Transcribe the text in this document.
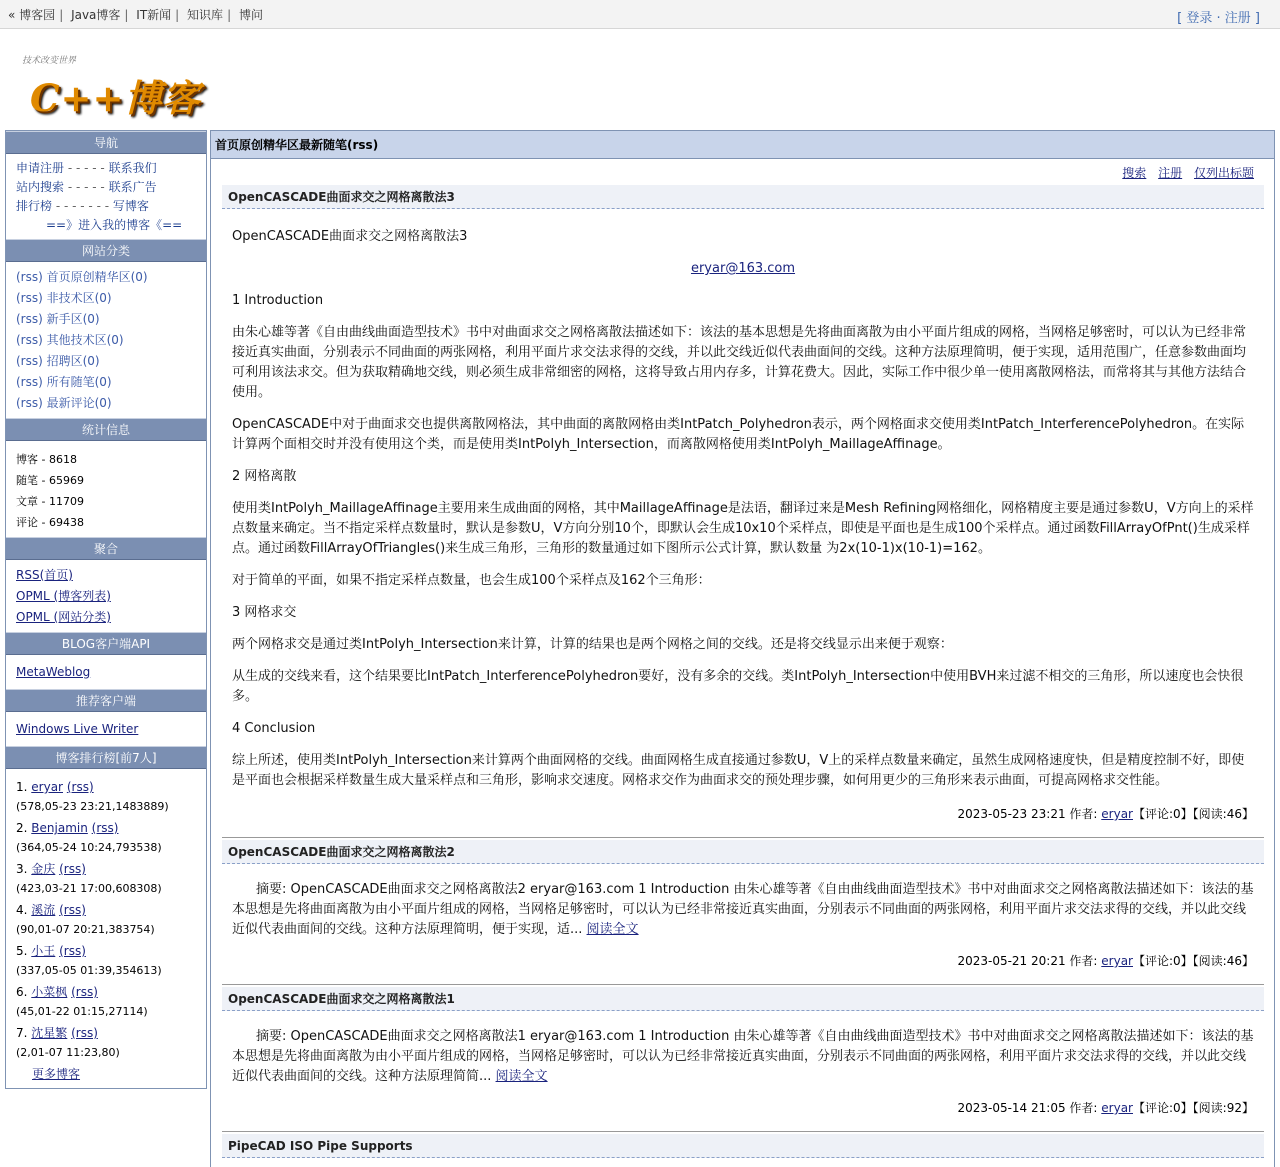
« 博客园 | Java博客 | IT新闻 | 知识库 | 博问	[ 登录 · 注册 ]
技术改变世界
C++博客
导航
申请注册 - - - - - 联系我们
站内搜索 - - - - - 联系广告
排行榜 - - - - - - - 写博客
==》进入我的博客《==
网站分类
(rss) 首页原创精华区(0)
(rss) 非技术区(0)
(rss) 新手区(0)
(rss) 其他技术区(0)
(rss) 招聘区(0)
(rss) 所有随笔(0)
(rss) 最新评论(0)
统计信息
博客 - 8618
随笔 - 65969
文章 - 11709
评论 - 69438
聚合
RSS(首页)
OPML (博客列表)
OPML (网站分类)
BLOG客户端API
MetaWeblog
推荐客户端
Windows Live Writer
博客排行榜[前7人]
1. eryar (rss)
(578,05-23 23:21,1483889)
2. Benjamin (rss)
(364,05-24 10:24,793538)
3. 金庆 (rss)
(423,03-21 17:00,608308)
4. 溪流 (rss)
(90,01-07 20:21,383754)
5. 小王 (rss)
(337,05-05 01:39,354613)
6. 小菜枫 (rss)
(45,01-22 01:15,27114)
7. 沈星繁 (rss)
(2,01-07 11:23,80)
更多博客
首页原创精华区最新随笔(rss)
搜索 注册 仅列出标题
OpenCASCADE曲面求交之网格离散法3

OpenCASCADE曲面求交之网格离散法3

eryar@163.com

1 Introduction

由朱心雄等著《自由曲线曲面造型技术》书中对曲面求交之网格离散法描述如下：该法的基本思想是先将曲面离散为由小平面片组成的网格，当网格足够密时，可以认为已经非常接近真实曲面，分别表示不同曲面的两张网格，利用平面片求交法求得的交线，并以此交线近似代表曲面间的交线。这种方法原理简明，便于实现，适用范围广，任意参数曲面均可利用该法求交。但为获取精确地交线，则必须生成非常细密的网格，这将导致占用内存多，计算花费大。因此，实际工作中很少单一使用离散网格法，而常将其与其他方法结合使用。

OpenCASCADE中对于曲面求交也提供离散网格法，其中曲面的离散网格由类IntPatch_Polyhedron表示，两个网格面求交使用类IntPatch_InterferencePolyhedron。在实际计算两个面相交时并没有使用这个类，而是使用类IntPolyh_Intersection，而离散网格使用类IntPolyh_MaillageAffinage。

2 网格离散

使用类IntPolyh_MaillageAffinage主要用来生成曲面的网格，其中MaillageAffinage是法语，翻译过来是Mesh Refining网格细化，网格精度主要是通过参数U，V方向上的采样点数量来确定。当不指定采样点数量时，默认是参数U，V方向分别10个，即默认会生成10x10个采样点，即使是平面也是生成100个采样点。通过函数FillArrayOfPnt()生成采样点。通过函数FillArrayOfTriangles()来生成三角形，三角形的数量通过如下图所示公式计算，默认数量 为2x(10-1)x(10-1)=162。

对于简单的平面，如果不指定采样点数量，也会生成100个采样点及162个三角形：

3 网格求交

两个网格求交是通过类IntPolyh_Intersection来计算，计算的结果也是两个网格之间的交线。还是将交线显示出来便于观察：

从生成的交线来看，这个结果要比IntPatch_InterferencePolyhedron要好，没有多余的交线。类IntPolyh_Intersection中使用BVH来过滤不相交的三角形，所以速度也会快很多。

4 Conclusion

综上所述，使用类IntPolyh_Intersection来计算两个曲面网格的交线。曲面网格生成直接通过参数U，V上的采样点数量来确定，虽然生成网格速度快，但是精度控制不好，即使是平面也会根据采样数量生成大量采样点和三角形，影响求交速度。网格求交作为曲面求交的预处理步骤，如何用更少的三角形来表示曲面，可提高网格求交性能。

2023-05-23 23:21 作者: eryar【评论:0】【阅读:46】
OpenCASCADE曲面求交之网格离散法2

摘要: OpenCASCADE曲面求交之网格离散法2 eryar@163.com 1 Introduction 由朱心雄等著《自由曲线曲面造型技术》书中对曲面求交之网格离散法描述如下：该法的基本思想是先将曲面离散为由小平面片组成的网格，当网格足够密时，可以认为已经非常接近真实曲面，分别表示不同曲面的两张网格，利用平面片求交法求得的交线，并以此交线近似代表曲面间的交线。这种方法原理简明，便于实现，适... 阅读全文

2023-05-21 20:21 作者: eryar【评论:0】【阅读:46】
OpenCASCADE曲面求交之网格离散法1

摘要: OpenCASCADE曲面求交之网格离散法1 eryar@163.com 1 Introduction 由朱心雄等著《自由曲线曲面造型技术》书中对曲面求交之网格离散法描述如下：该法的基本思想是先将曲面离散为由小平面片组成的网格，当网格足够密时，可以认为已经非常接近真实曲面，分别表示不同曲面的两张网格，利用平面片求交法求得的交线，并以此交线近似代表曲面间的交线。这种方法原理简简... 阅读全文

2023-05-14 21:05 作者: eryar【评论:0】【阅读:92】
PipeCAD ISO Pipe Supports
